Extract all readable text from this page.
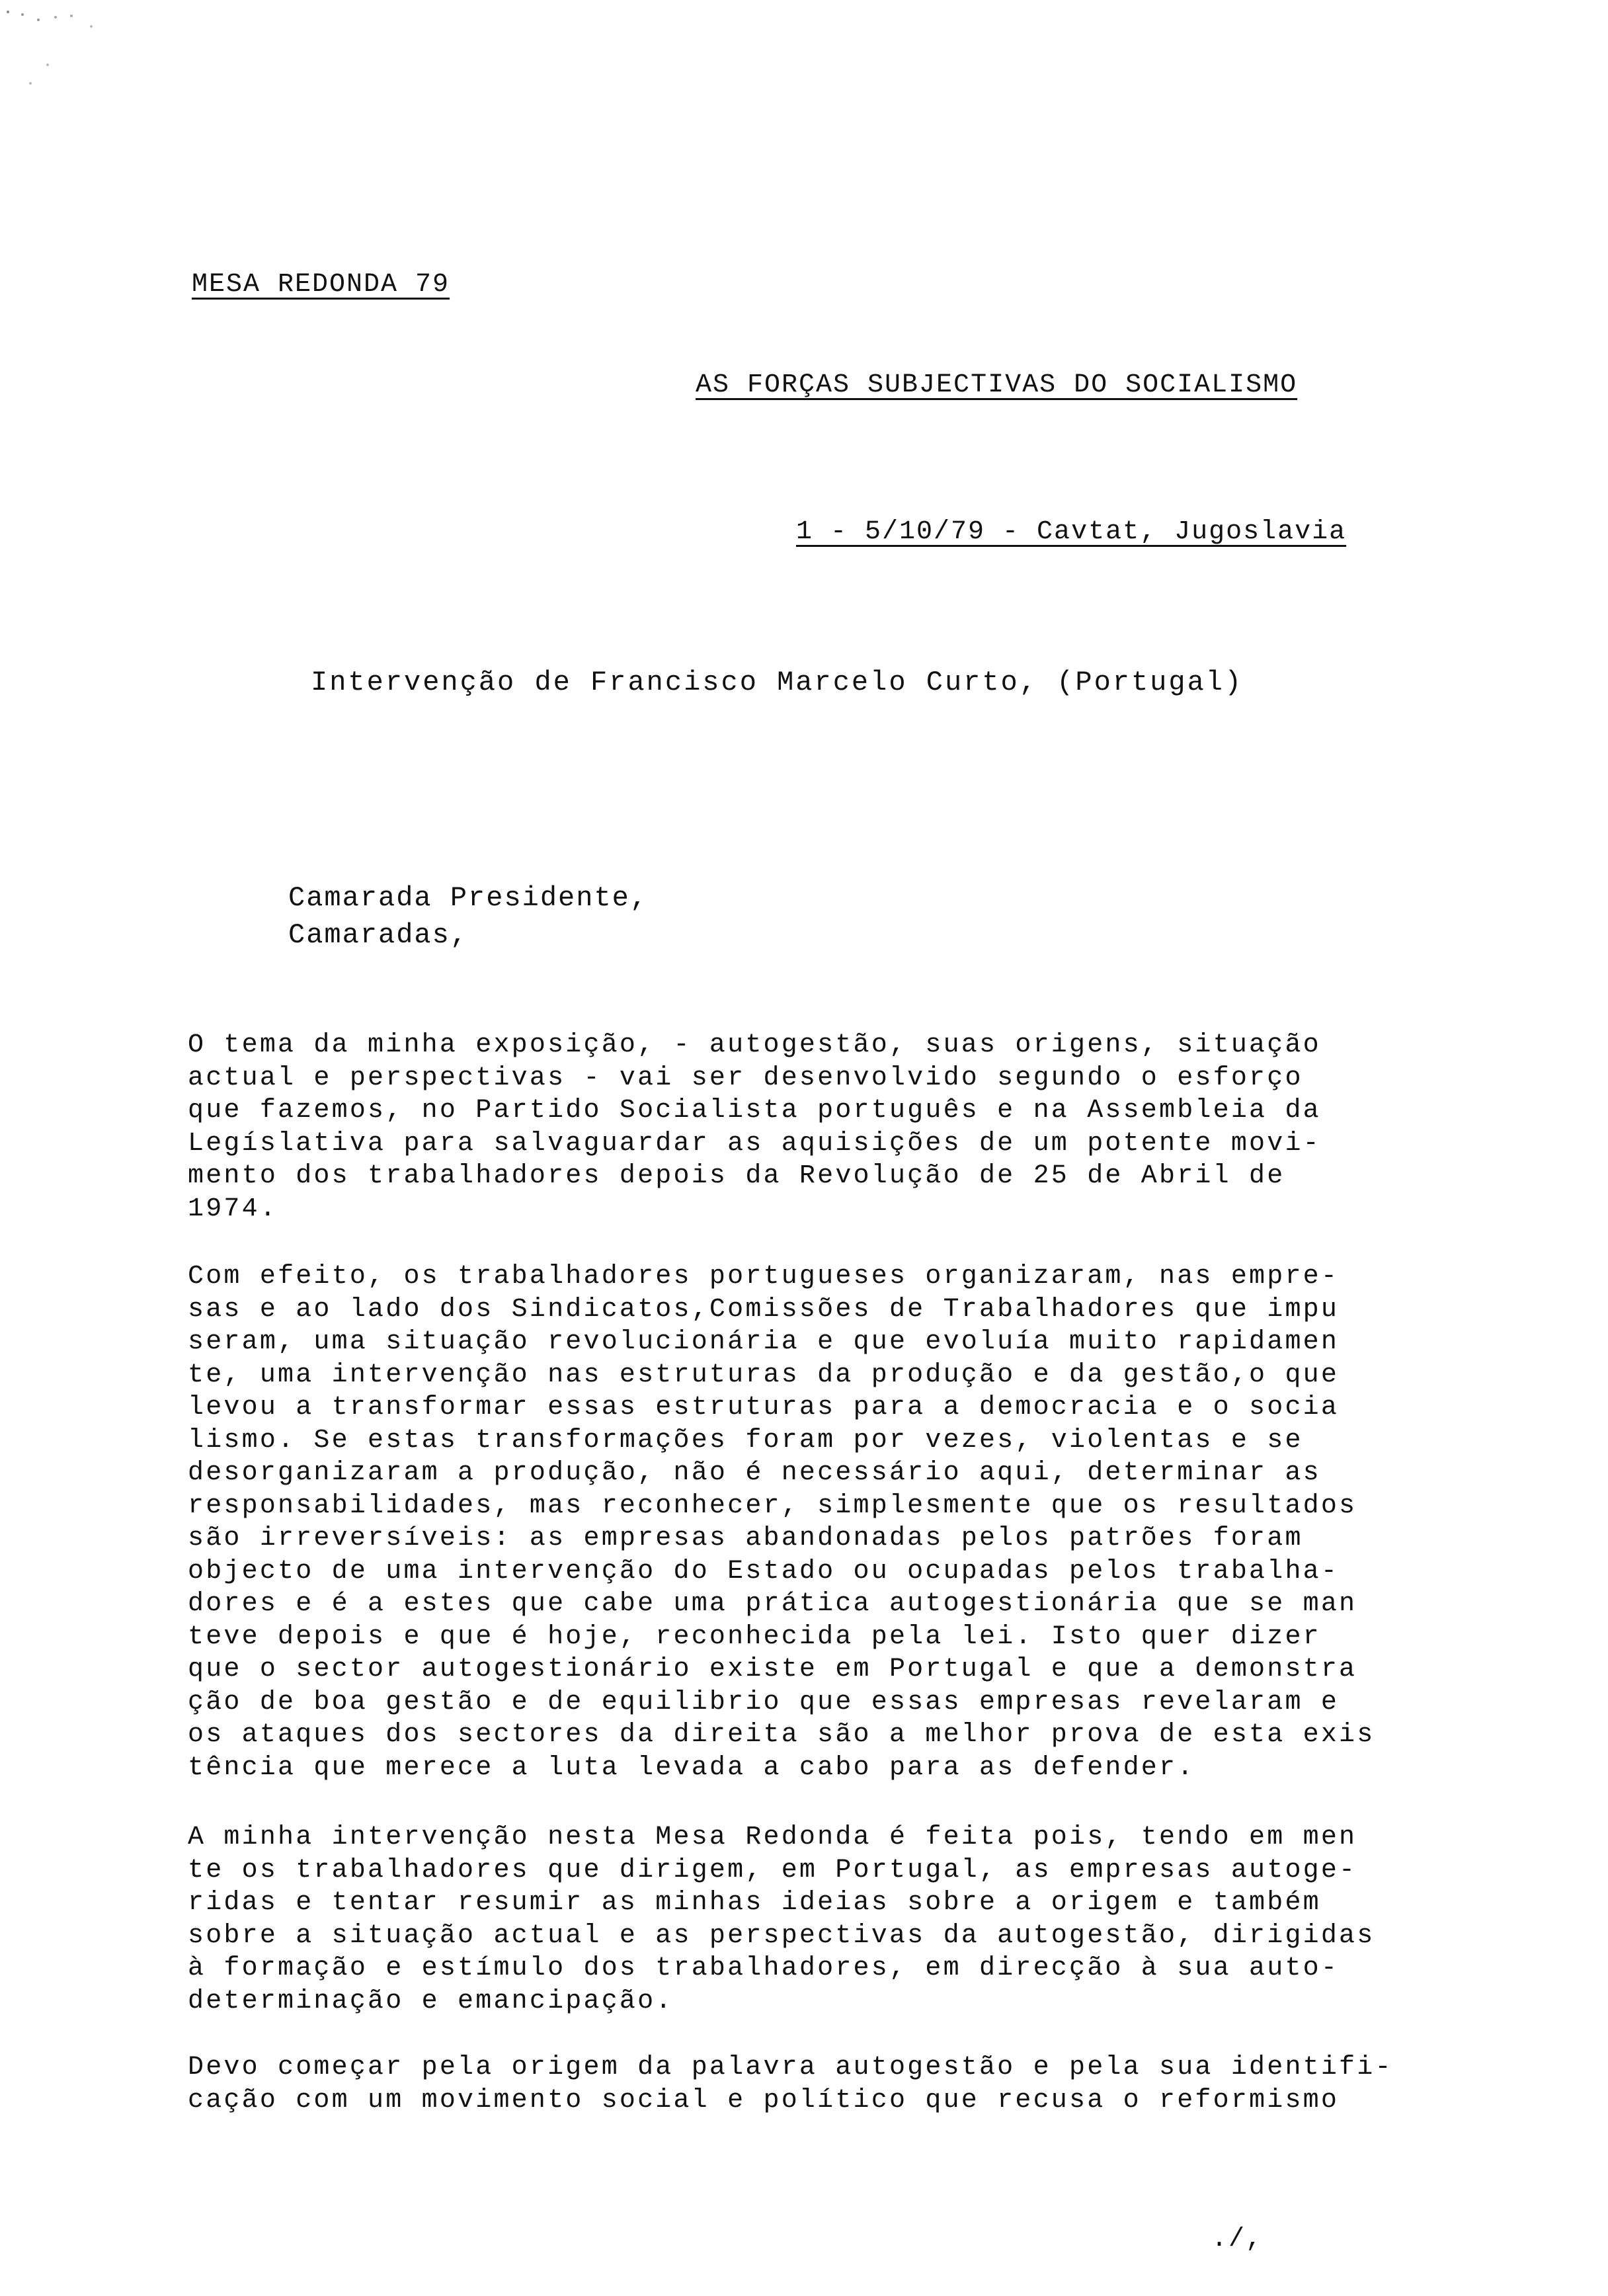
MESA REDONDA 79
AS FORÇAS SUBJECTIVAS DO SOCIALISMO
1 - 5/10/79 - Cavtat, Jugoslavia
Intervenção de Francisco Marcelo Curto, (Portugal)
Camarada Presidente,
Camaradas,
O tema da minha exposição, - autogestão, suas origens, situação
actual e perspectivas - vai ser desenvolvido segundo o esforço
que fazemos, no Partido Socialista português e na Assembleia da
Legíslativa para salvaguardar as aquisições de um potente movi-
mento dos trabalhadores depois da Revolução de 25 de Abril de
1974.
Com efeito, os trabalhadores portugueses organizaram, nas empre-
sas e ao lado dos Sindicatos,Comissões de Trabalhadores que impu
seram, uma situação revolucionária e que evoluía muito rapidamen
te, uma intervenção nas estruturas da produção e da gestão,o que
levou a transformar essas estruturas para a democracia e o socia
lismo. Se estas transformações foram por vezes, violentas e se
desorganizaram a produção, não é necessário aqui, determinar as
responsabilidades, mas reconhecer, simplesmente que os resultados
são irreversíveis: as empresas abandonadas pelos patrões foram
objecto de uma intervenção do Estado ou ocupadas pelos trabalha-
dores e é a estes que cabe uma prática autogestionária que se man
teve depois e que é hoje, reconhecida pela lei. Isto quer dizer
que o sector autogestionário existe em Portugal e que a demonstra
ção de boa gestão e de equilibrio que essas empresas revelaram e
os ataques dos sectores da direita são a melhor prova de esta exis
tência que merece a luta levada a cabo para as defender.
A minha intervenção nesta Mesa Redonda é feita pois, tendo em men
te os trabalhadores que dirigem, em Portugal, as empresas autoge-
ridas e tentar resumir as minhas ideias sobre a origem e também
sobre a situação actual e as perspectivas da autogestão, dirigidas
à formação e estímulo dos trabalhadores, em direcção à sua auto-
determinação e emancipação.
Devo começar pela origem da palavra autogestão e pela sua identifi-
cação com um movimento social e político que recusa o reformismo
./,
